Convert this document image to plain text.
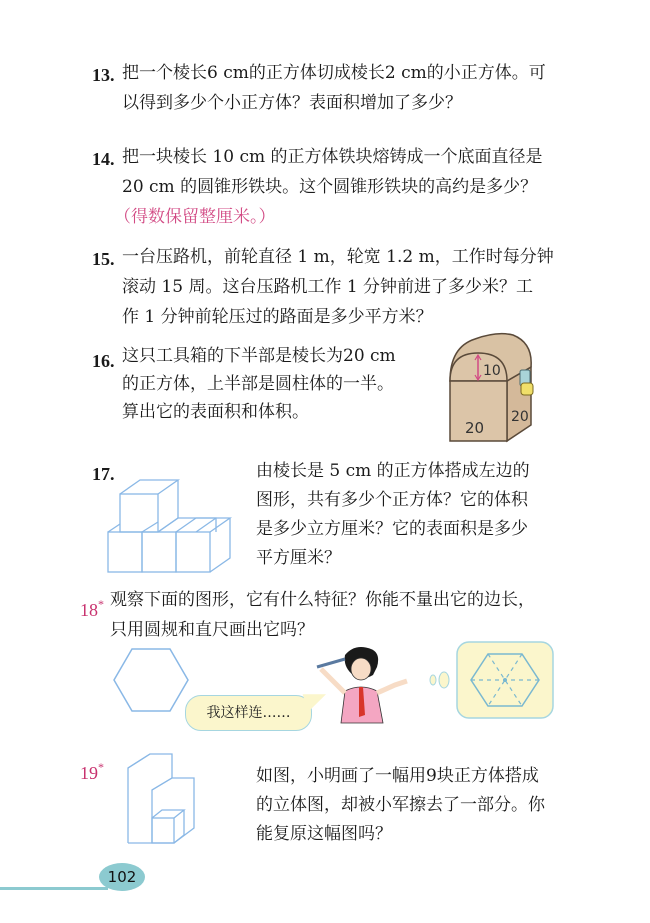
13. 把一个棱长6 cm的正方体切成棱长2 cm的小正方体。可
以得到多少个小正方体？表面积增加了多少？
14. 把一块棱长 10 cm 的正方体铁块熔铸成一个底面直径是
20 cm 的圆锥形铁块。这个圆锥形铁块的高约是多少？
（得数保留整厘米。）
15. 一台压路机，前轮直径 1 m，轮宽 1.2 m，工作时每分钟
滚动 15 周。这台压路机工作 1 分钟前进了多少米？工
作 1 分钟前轮压过的路面是多少平方米？
16. 这只工具箱的下半部是棱长为20 cm
的正方体，上半部是圆柱体的一半。
算出它的表面积和体积。
10
20
20
17.	由棱长是 5 cm 的正方体搭成左边的
图形，共有多少个正方体？它的体积
是多少立方厘米？它的表面积是多少
平方厘米？
18* 观察下面的图形，它有什么特征？你能不量出它的边长，
只用圆规和直尺画出它吗？
我这样连……
19*	如图，小明画了一幅用9块正方体搭成
的立体图，却被小军擦去了一部分。你
能复原这幅图吗？
102
